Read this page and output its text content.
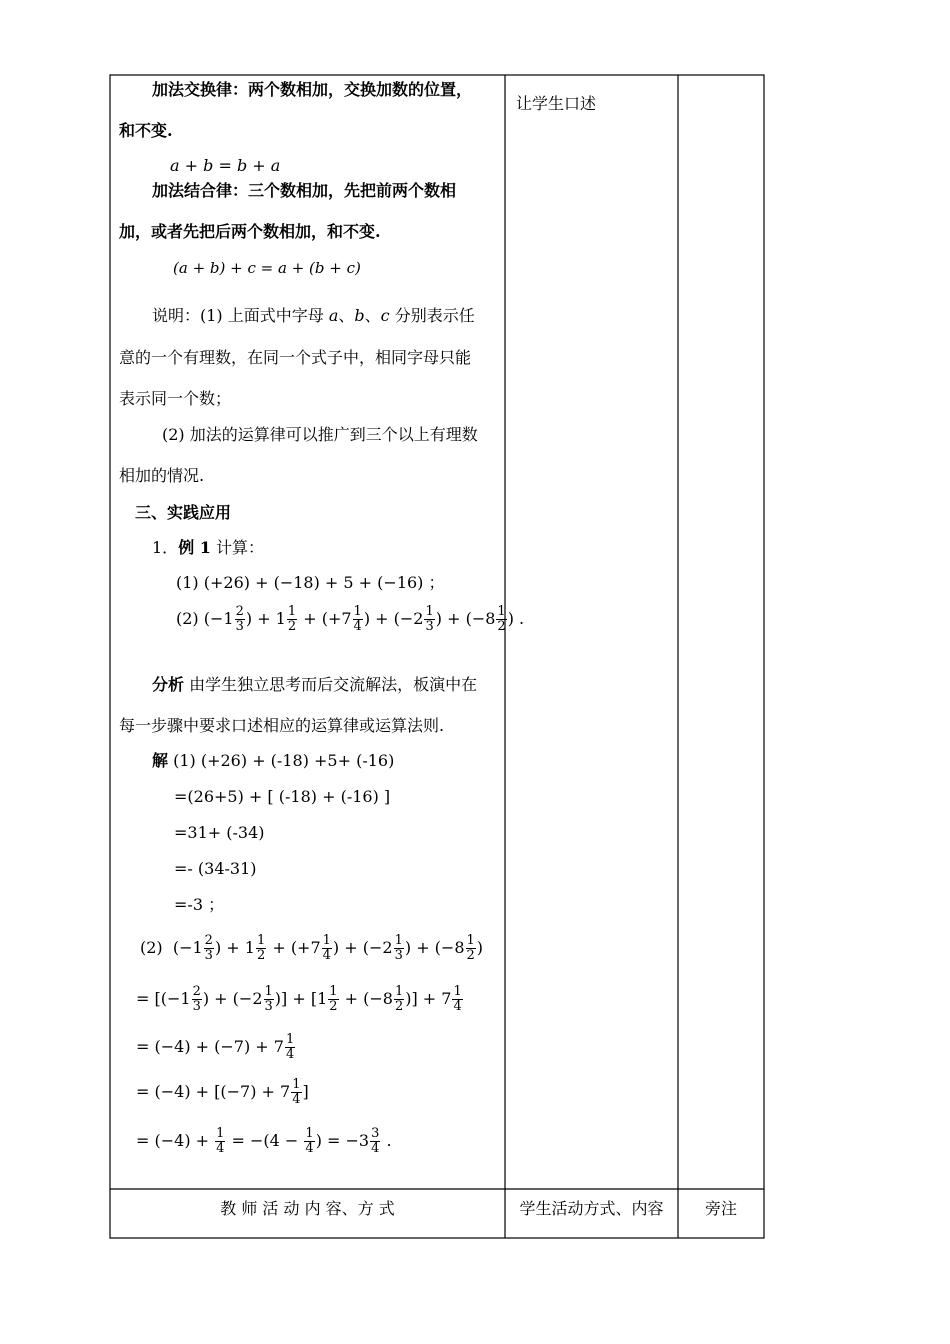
加法交换律：两个数相加，交换加数的位置，
和不变.
a + b = b + a
加法结合律：三个数相加，先把前两个数相
加，或者先把后两个数相加，和不变.
(a + b) + c = a + (b + c)
说明：(1) 上面式中字母 a、b、c 分别表示任
意的一个有理数，在同一个式子中，相同字母只能
表示同一个数；
(2) 加法的运算律可以推广到三个以上有理数
相加的情况.
三、实践应用
1．例 1 计算：
(1) (+26) + (−18) + 5 + (−16) ；
(2) ($-1 \frac{2}{3}$ ) + $1 \frac{1}{2} + (+7 \frac{1}{4}$ ) + ($-2 \frac{1}{3}$ ) + ($-8 \frac{1}{2}$ ) .
分析 由学生独立思考而后交流解法，板演中在
每一步骤中要求口述相应的运算律或运算法则.
解 (1) (+26) + (-18) +5+ (-16)
=(26+5) + [ (-18) + (-16) ]
=31+ (-34)
=- (34-31)
=-3 ；
(2)  ($-1 \frac{2}{3}$ ) + $1 \frac{1}{2} + (+7 \frac{1}{4}$ ) + ($-2 \frac{1}{3}$ ) + ($-8 \frac{1}{2}$ )
= [($-1 \frac{2}{3}$ ) + ($-2 \frac{1}{3}$ )] + [$1 \frac{1}{2} + (-8 \frac{1}{2}$ )] + $7 \frac{1}{4}$
= $(-4) + (-7) + 7 \frac{1}{4}$
= $(-4) + [(-7) + 7 \frac{1}{4}$ ]
= $(-4) + \frac{1}{4} = -(4 - \frac{1}{4}$ ) = $-3 \frac{3}{4}$ .
让学生口述
教 师 活 动 内 容、方 式	学生活动方式、内容	旁注
